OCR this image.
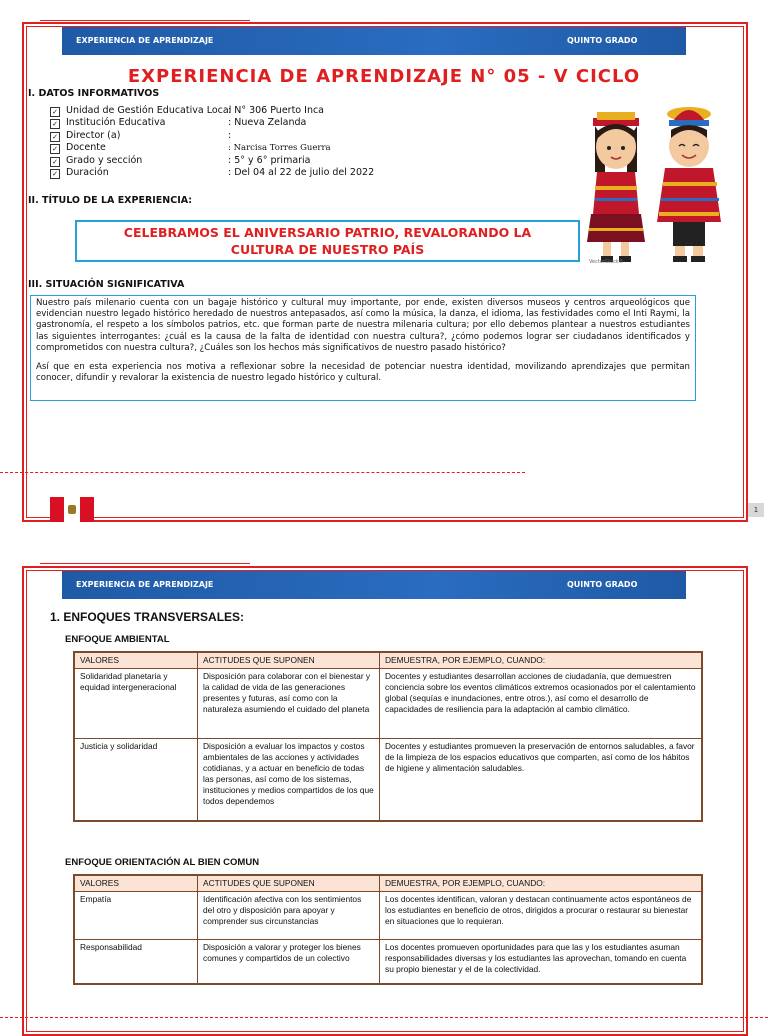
EXPERIENCIA DE APRENDIZAJE	QUINTO GRADO
EXPERIENCIA DE APRENDIZAJE N° 05 - V CICLO
I. DATOS INFORMATIVOS
✓ Unidad de Gestión Educativa Local: N° 306 Puerto Inca
✓ Institución Educativa	: Nueva Zelanda
✓ Director (a)	:
✓ Docente	: Narcisa Torres Guerra
✓ Grado y sección	: 5° y 6° primaria
✓ Duración	: Del 04 al 22 de julio del 2022
II. TÍTULO DE LA EXPERIENCIA:
CELEBRAMOS EL ANIVERSARIO PATRIO, REVALORANDO LA
CULTURA DE NUESTRO PAÍS
VectorStock®
III. SITUACIÓN SIGNIFICATIVA

Nuestro país milenario cuenta con un bagaje histórico y cultural muy importante, por ende, existen diversos museos y centros arqueológicos que evidencian nuestro legado histórico heredado de nuestros antepasados, así como la música, la danza, el idioma, las festividades como el Inti Raymi, la gastronomía, el respeto a los símbolos patrios, etc. que forman parte de nuestra milenaria cultura; por ello debemos plantear a nuestros estudiantes las siguientes interrogantes: ¿cuál es la causa de la falta de identidad con nuestra cultura?, ¿cómo podemos lograr ser ciudadanos identificados y comprometidos con nuestra cultura?, ¿Cuáles son los hechos más significativos de nuestro pasado histórico?

Así que en esta experiencia nos motiva a reflexionar sobre la necesidad de potenciar nuestra identidad, movilizando aprendizajes que permitan conocer, difundir y revalorar la existencia de nuestro legado histórico y cultural.

1
EXPERIENCIA DE APRENDIZAJE	QUINTO GRADO
1. ENFOQUES TRANSVERSALES:
ENFOQUE AMBIENTAL
VALORES	ACTITUDES QUE SUPONEN	DEMUESTRA, POR EJEMPLO, CUANDO:
Solidaridad planetaria y equidad intergeneracional	Disposición para colaborar con el bienestar y la calidad de vida de las generaciones presentes y futuras, así como con la naturaleza asumiendo el cuidado del planeta	Docentes y estudiantes desarrollan acciones de ciudadanía, que demuestren conciencia sobre los eventos climáticos extremos ocasionados por el calentamiento global (sequías e inundaciones, entre otros.), así como el desarrollo de capacidades de resiliencia para la adaptación al cambio climático.
Justicia y solidaridad	Disposición a evaluar los impactos y costos ambientales de las acciones y actividades cotidianas, y a actuar en beneficio de todas las personas, así como de los sistemas, instituciones y medios compartidos de los que todos dependemos	Docentes y estudiantes promueven la preservación de entornos saludables, a favor de la limpieza de los espacios educativos que comparten, así como de los hábitos de higiene y alimentación saludables.
ENFOQUE ORIENTACIÓN AL BIEN COMUN
VALORES	ACTITUDES QUE SUPONEN	DEMUESTRA, POR EJEMPLO, CUANDO:
Empatía	Identificación afectiva con los sentimientos del otro y disposición para apoyar y comprender sus circunstancias	Los docentes identifican, valoran y destacan continuamente actos espontáneos de los estudiantes en beneficio de otros, dirigidos a procurar o restaurar su bienestar en situaciones que lo requieran.
Responsabilidad	Disposición a valorar y proteger los bienes comunes y compartidos de un colectivo	Los docentes promueven oportunidades para que las y los estudiantes asuman responsabilidades diversas y los estudiantes las aprovechan, tomando en cuenta su propio bienestar y el de la colectividad.
